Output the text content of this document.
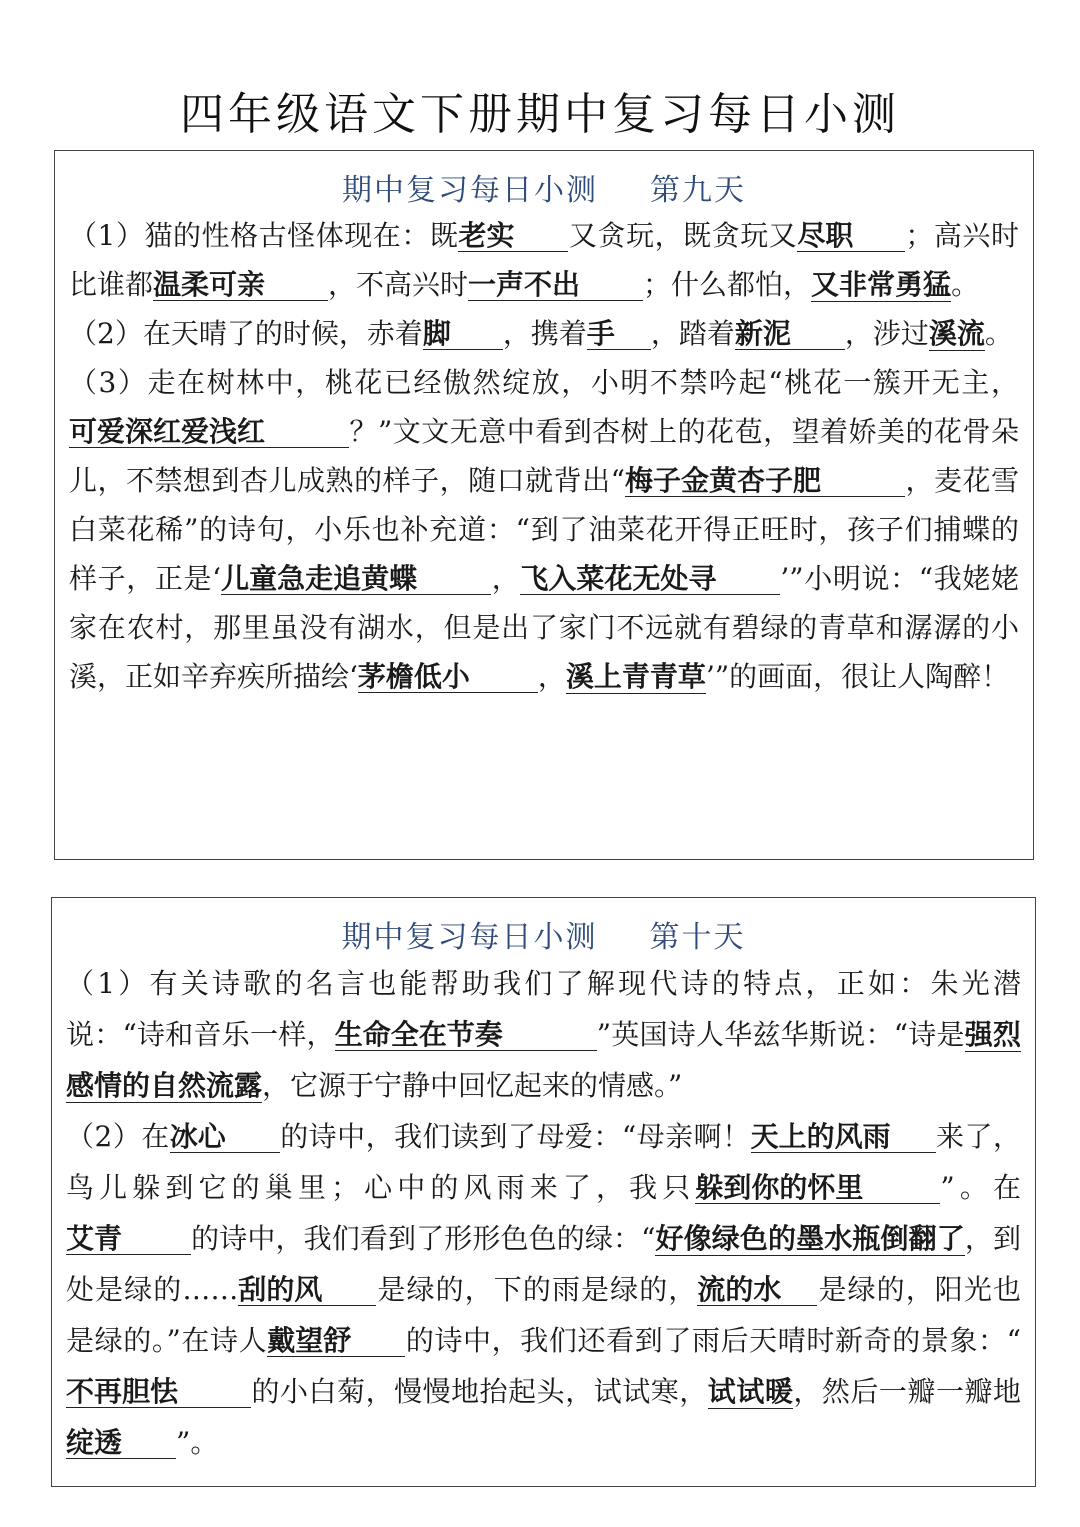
四年级语文下册期中复习每日小测
期中复习每日小测 第九天

（1）猫的性格古怪体现在：既老实 又贪玩，既贪玩又尽职 ；高兴时比谁都温柔可亲 ，不高兴时一声不出 ；什么都怕，又非常勇猛。

（2）在天晴了的时候，赤着脚 ，携着手 ，踏着新泥 ，涉过溪流。

（3）走在树林中，桃花已经傲然绽放，小明不禁吟起“桃花一簇开无主，可爱深红爱浅红	？”文文无意中看到杏树上的花苞，望着娇美的花骨朵儿，不禁想到杏儿成熟的样子，随口就背出“梅子金黄杏子肥	，麦花雪白菜花稀”的诗句，小乐也补充道：“到了油菜花开得正旺时，孩子们捕蝶的样子，正是‘儿童急走追黄蝶	，飞入菜花无处寻 ’”小明说：“我姥姥家在农村，那里虽没有湖水，但是出了家门不远就有碧绿的青草和潺潺的小溪，正如辛弃疾所描绘‘茅檐低小 ，溪上青青草’”的画面，很让人陶醉！

期中复习每日小测 第十天

（1）有关诗歌的名言也能帮助我们了解现代诗的特点，正如：朱光潜说：“诗和音乐一样，生命全在节奏	”英国诗人华兹华斯说：“诗是强烈感情的自然流露，它源于宁静中回忆起来的情感。”

（2）在冰心 的诗中，我们读到了母爱：“母亲啊！天上的风雨 来了，鸟儿躲到它的巢里；心中的风雨来了，我只躲到你的怀里	”。在艾青 的诗中，我们看到了形形色色的绿：“好像绿色的墨水瓶倒翻了，到处是绿的……刮的风 是绿的，下的雨是绿的，流的水 是绿的，阳光也是绿的。”在诗人戴望舒 的诗中，我们还看到了雨后天晴时新奇的景象：“不再胆怯	的小白菊，慢慢地抬起头，试试寒，试试暖，然后一瓣一瓣地绽透 ”。
